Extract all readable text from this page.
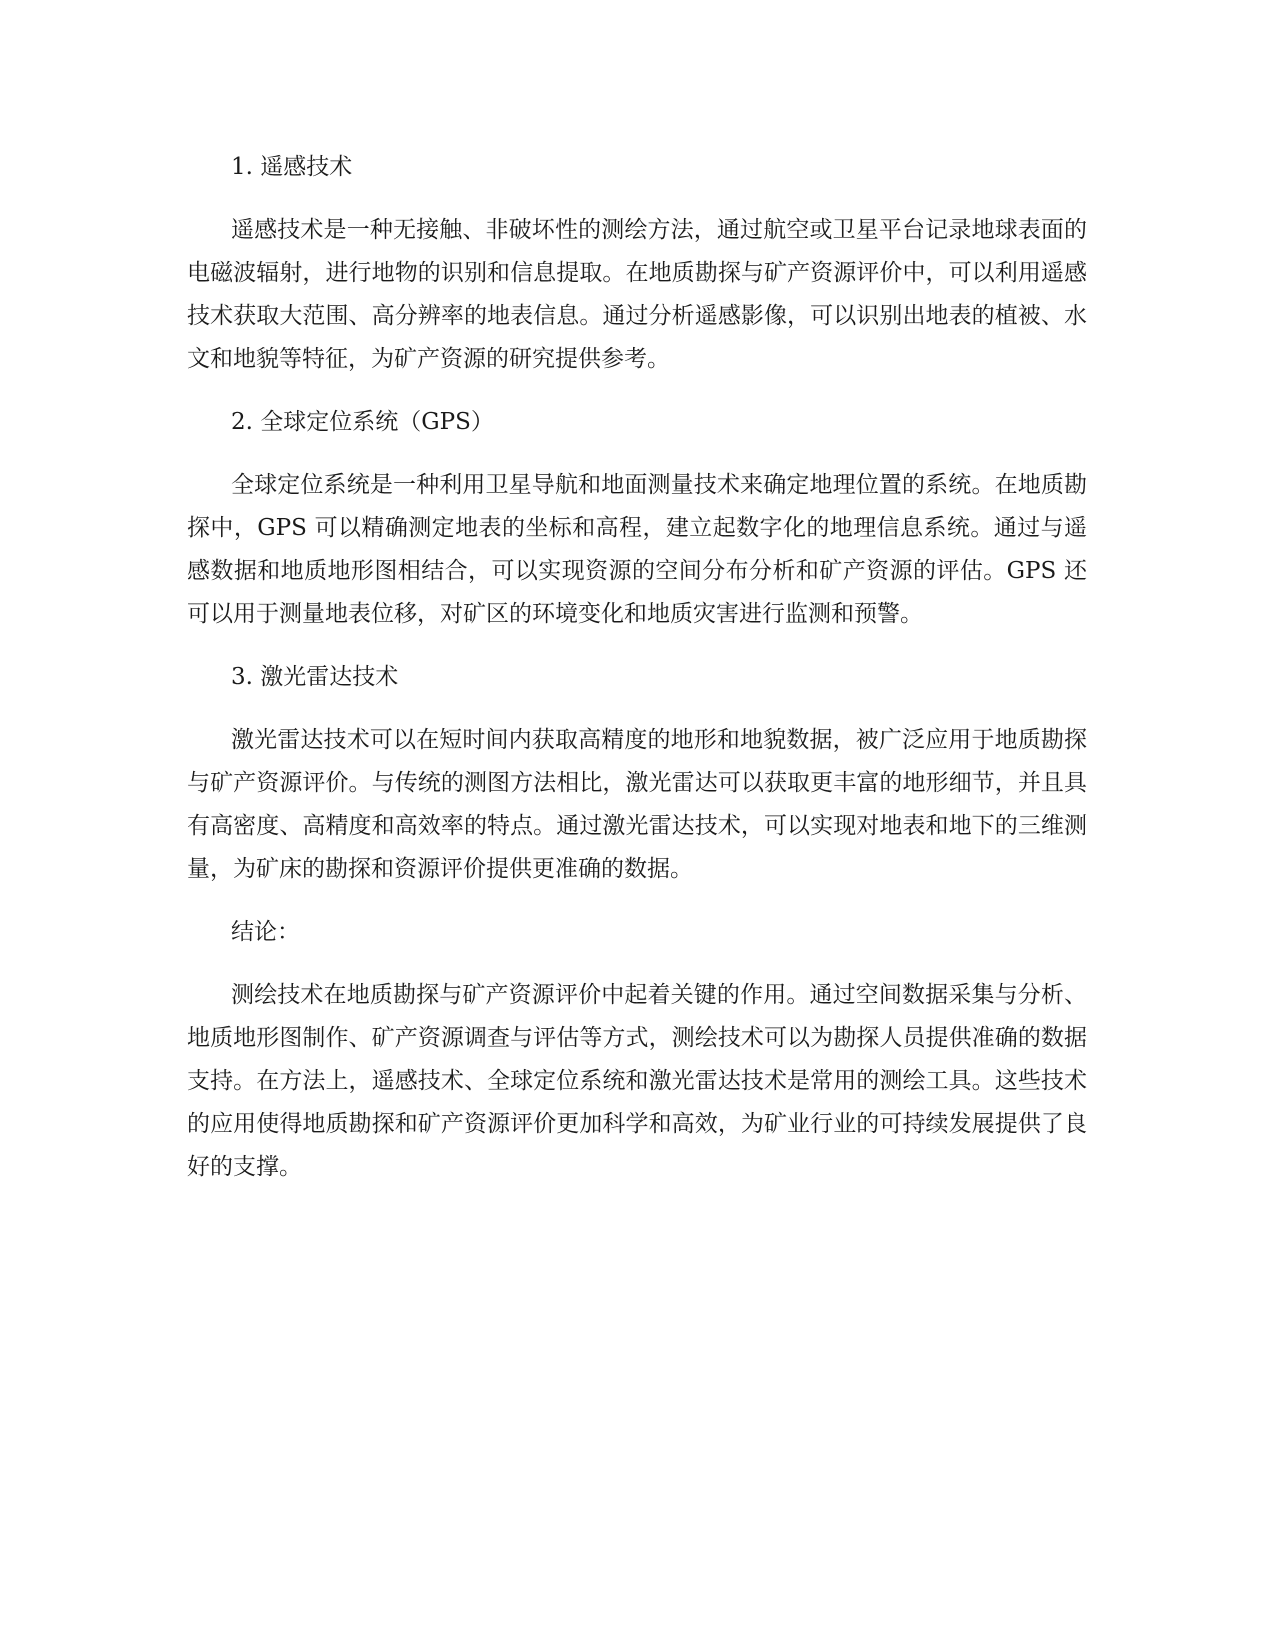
1. 遥感技术

遥感技术是一种无接触、非破坏性的测绘方法，通过航空或卫星平台记录地球表面的电磁波辐射，进行地物的识别和信息提取。在地质勘探与矿产资源评价中，可以利用遥感技术获取大范围、高分辨率的地表信息。通过分析遥感影像，可以识别出地表的植被、水文和地貌等特征，为矿产资源的研究提供参考。

2. 全球定位系统（GPS）

全球定位系统是一种利用卫星导航和地面测量技术来确定地理位置的系统。在地质勘探中，GPS 可以精确测定地表的坐标和高程，建立起数字化的地理信息系统。通过与遥感数据和地质地形图相结合，可以实现资源的空间分布分析和矿产资源的评估。GPS 还可以用于测量地表位移，对矿区的环境变化和地质灾害进行监测和预警。

3. 激光雷达技术

激光雷达技术可以在短时间内获取高精度的地形和地貌数据，被广泛应用于地质勘探与矿产资源评价。与传统的测图方法相比，激光雷达可以获取更丰富的地形细节，并且具有高密度、高精度和高效率的特点。通过激光雷达技术，可以实现对地表和地下的三维测量，为矿床的勘探和资源评价提供更准确的数据。

结论：

测绘技术在地质勘探与矿产资源评价中起着关键的作用。通过空间数据采集与分析、地质地形图制作、矿产资源调查与评估等方式，测绘技术可以为勘探人员提供准确的数据支持。在方法上，遥感技术、全球定位系统和激光雷达技术是常用的测绘工具。这些技术的应用使得地质勘探和矿产资源评价更加科学和高效，为矿业行业的可持续发展提供了良好的支撑。
